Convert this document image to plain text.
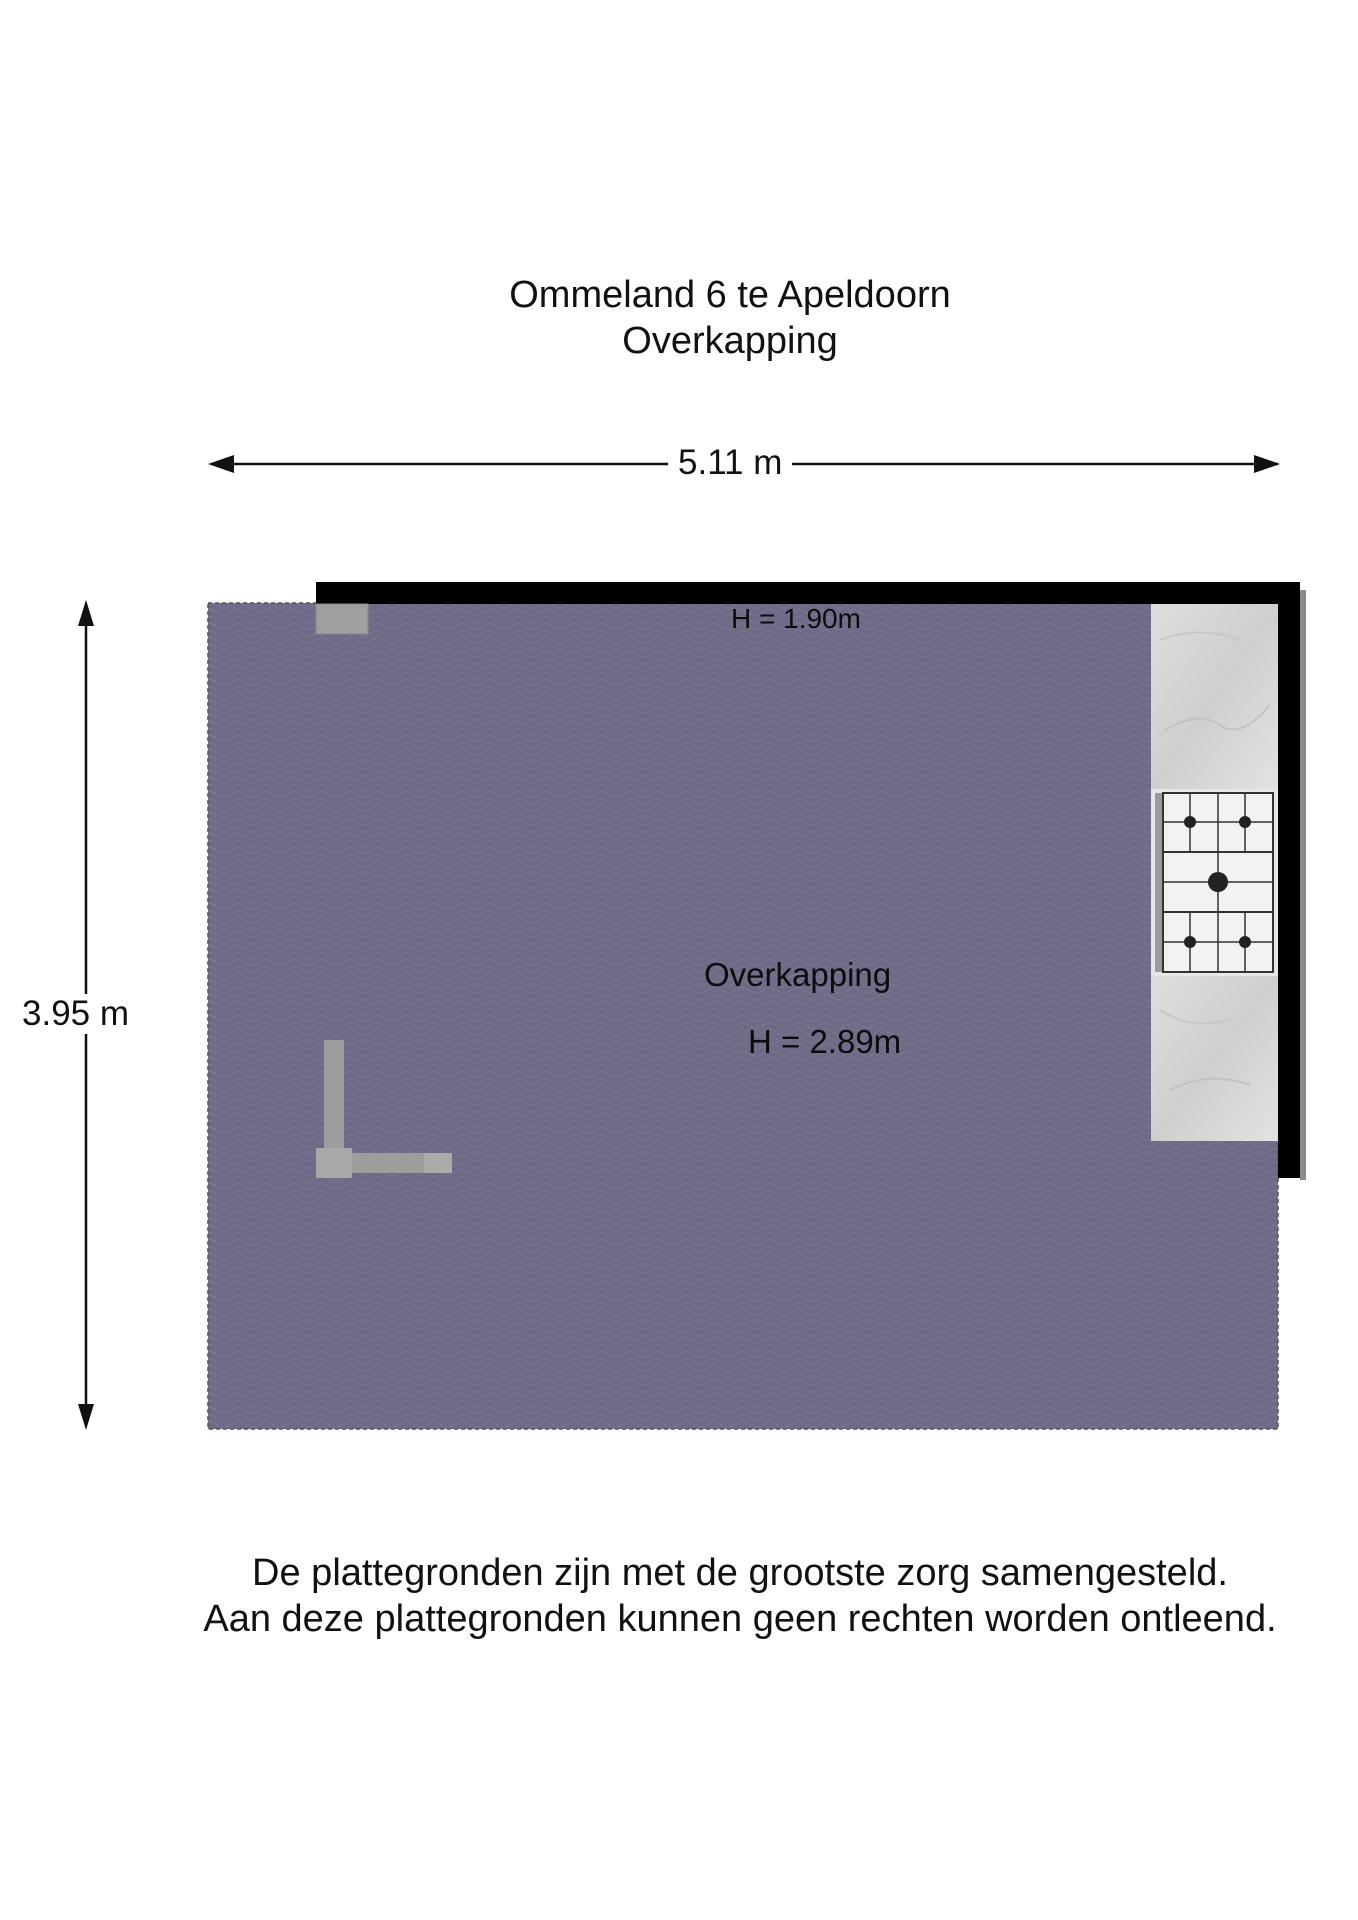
Ommeland 6 te Apeldoorn
Overkapping
5.11 m
3.95 m
H = 1.90m
Overkapping
H = 2.89m
De plattegronden zijn met de grootste zorg samengesteld.
Aan deze plattegronden kunnen geen rechten worden ontleend.
